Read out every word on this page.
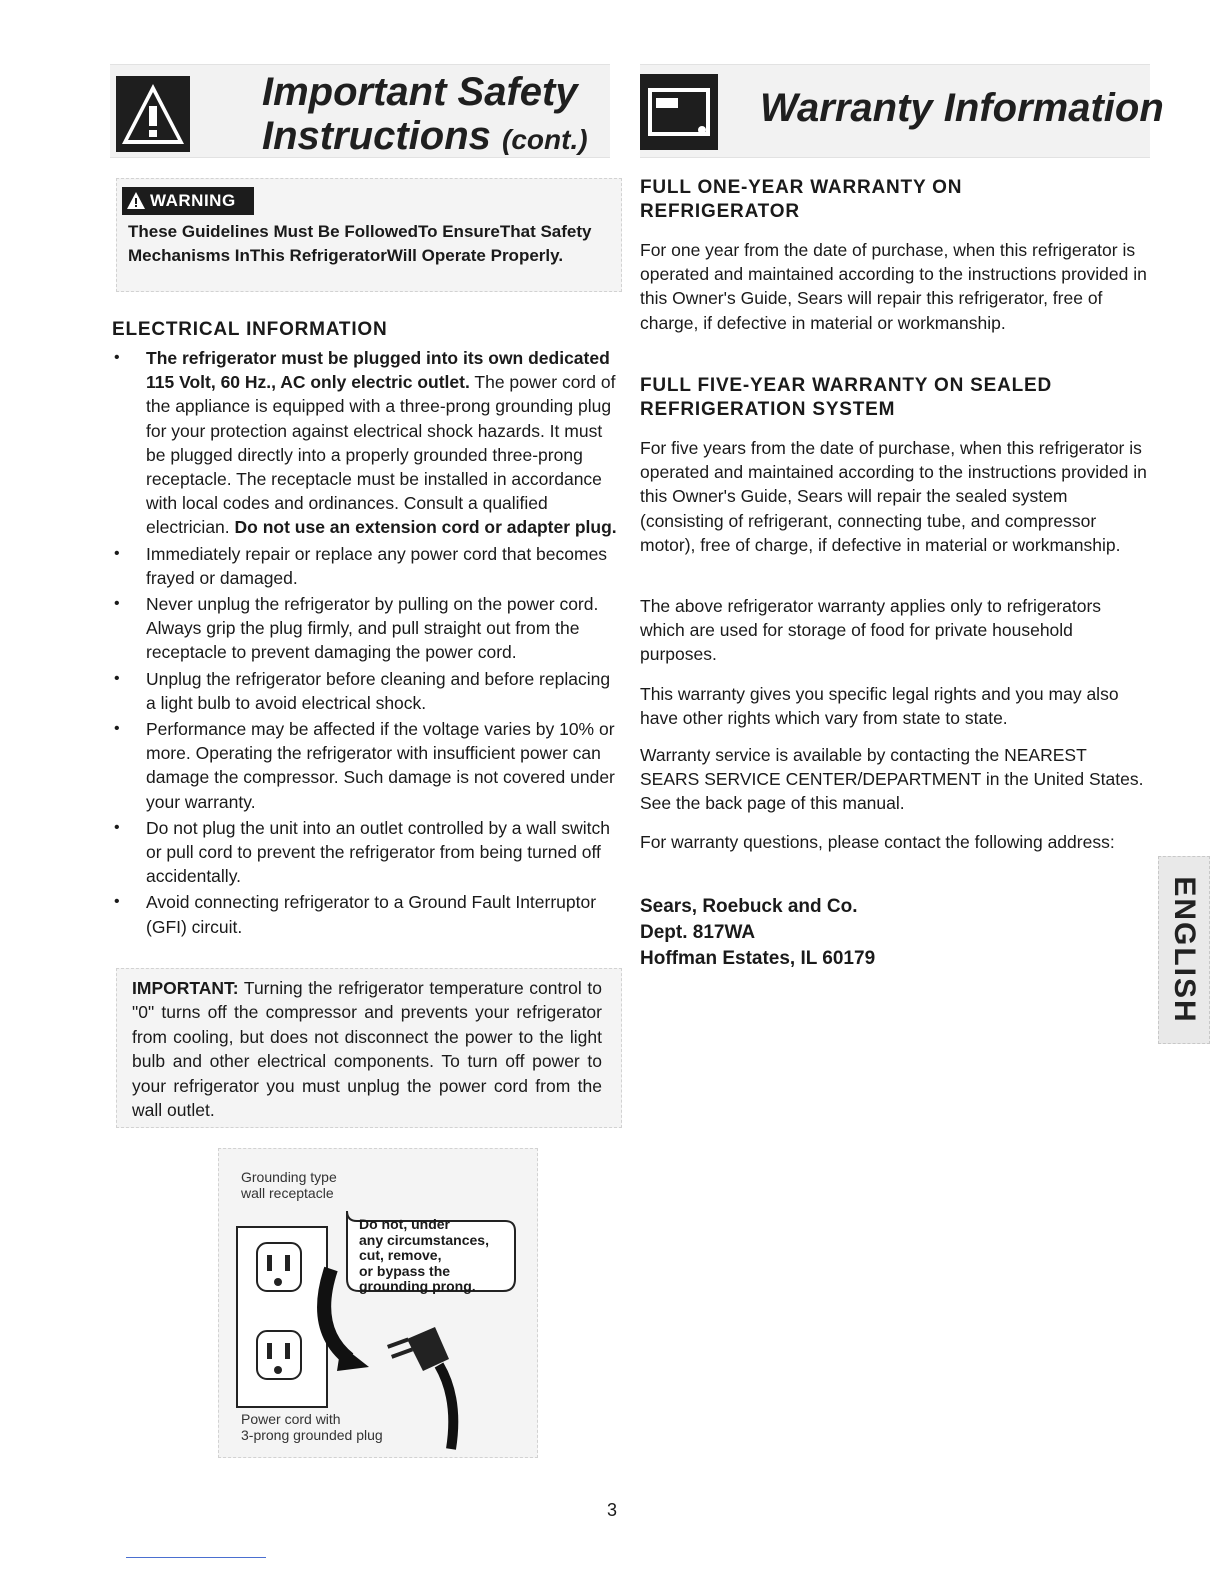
Important Safety
Instructions (cont.)
Warranty Information
WARNING
These Guidelines Must Be FollowedTo EnsureThat Safety Mechanisms InThis RefrigeratorWill Operate Properly.
ELECTRICAL INFORMATION
• The refrigerator must be plugged into its own dedicated 115 Volt, 60 Hz., AC only electric outlet. The power cord of the appliance is equipped with a three-prong grounding plug for your protection against electrical shock hazards. It must be plugged directly into a properly grounded three-prong receptacle. The receptacle must be installed in accordance with local codes and ordinances. Consult a qualified electrician. Do not use an extension cord or adapter plug.
• Immediately repair or replace any power cord that becomes frayed or damaged.
• Never unplug the refrigerator by pulling on the power cord. Always grip the plug firmly, and pull straight out from the receptacle to prevent damaging the power cord.
• Unplug the refrigerator before cleaning and before replacing a light bulb to avoid electrical shock.
• Performance may be affected if the voltage varies by 10% or more. Operating the refrigerator with insufficient power can damage the compressor. Such damage is not covered under your warranty.
• Do not plug the unit into an outlet controlled by a wall switch or pull cord to prevent the refrigerator from being turned off accidentally.
• Avoid connecting refrigerator to a Ground Fault Interruptor (GFI) circuit.
IMPORTANT: Turning the refrigerator temperature control to "0" turns off the compressor and prevents your refrigerator from cooling, but does not disconnect the power to the light bulb and other electrical components. To turn off power to your refrigerator you must unplug the power cord from the wall outlet.
Grounding type
wall receptacle
Do not, under
any circumstances,
cut, remove,
or bypass the
grounding prong.
Power cord with
3-prong grounded plug
FULL ONE-YEAR WARRANTY ON REFRIGERATOR

For one year from the date of purchase, when this refrigerator is operated and maintained according to the instructions provided in this Owner's Guide, Sears will repair this refrigerator, free of charge, if defective in material or workmanship.

FULL FIVE-YEAR WARRANTY ON SEALED REFRIGERATION SYSTEM

For five years from the date of purchase, when this refrigerator is operated and maintained according to the instructions provided in this Owner's Guide, Sears will repair the sealed system (consisting of refrigerant, connecting tube, and compressor motor), free of charge, if defective in material or workmanship.

The above refrigerator warranty applies only to refrigerators which are used for storage of food for private household purposes.

This warranty gives you specific legal rights and you may also have other rights which vary from state to state.

Warranty service is available by contacting the NEAREST SEARS SERVICE CENTER/DEPARTMENT in the United States. See the back page of this manual.

For warranty questions, please contact the following address:

Sears, Roebuck and Co.
Dept. 817WA
Hoffman Estates, IL 60179	ENGLISH
3
